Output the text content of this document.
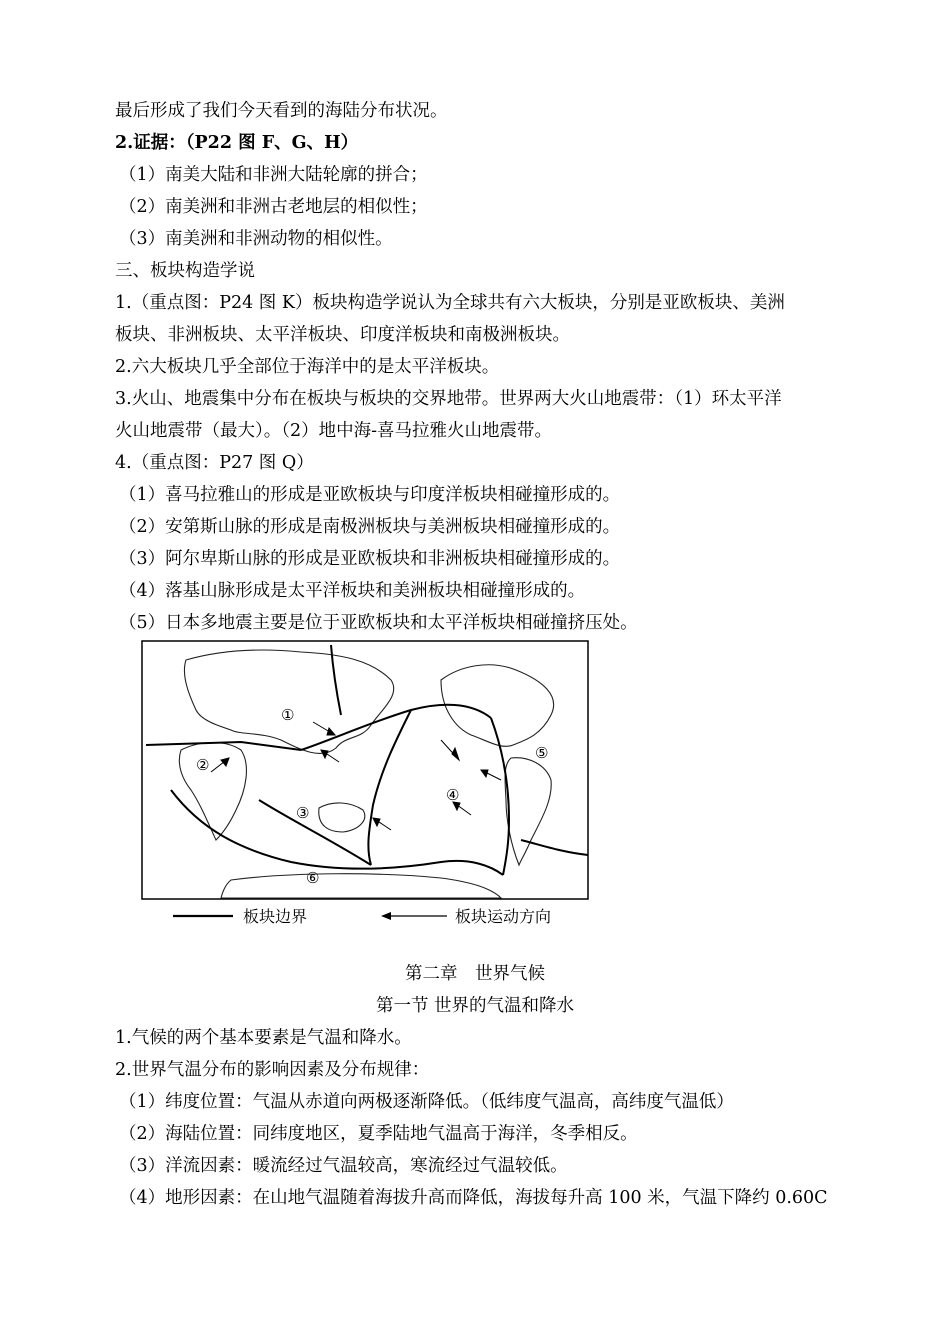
最后形成了我们今天看到的海陆分布状况。
2.证据：（P22 图 F、G、H）
（1）南美大陆和非洲大陆轮廓的拼合；
（2）南美洲和非洲古老地层的相似性；
（3）南美洲和非洲动物的相似性。
三、板块构造学说
1.（重点图：P24 图 K）板块构造学说认为全球共有六大板块，分别是亚欧板块、美洲
板块、非洲板块、太平洋板块、印度洋板块和南极洲板块。
2.六大板块几乎全部位于海洋中的是太平洋板块。
3.火山、地震集中分布在板块与板块的交界地带。世界两大火山地震带：（1）环太平洋
火山地震带（最大）。（2）地中海-喜马拉雅火山地震带。
4.（重点图：P27 图 Q）
（1）喜马拉雅山的形成是亚欧板块与印度洋板块相碰撞形成的。
（2）安第斯山脉的形成是南极洲板块与美洲板块相碰撞形成的。
（3）阿尔卑斯山脉的形成是亚欧板块和非洲板块相碰撞形成的。
（4）落基山脉形成是太平洋板块和美洲板块相碰撞形成的。
（5）日本多地震主要是位于亚欧板块和太平洋板块相碰撞挤压处。
①
②
③
④
⑤
⑥
板块边界	板块运动方向
第二章　世界气候
第一节 世界的气温和降水
1.气候的两个基本要素是气温和降水。
2.世界气温分布的影响因素及分布规律：
（1）纬度位置：气温从赤道向两极逐渐降低。（低纬度气温高，高纬度气温低）
（2）海陆位置：同纬度地区，夏季陆地气温高于海洋，冬季相反。
（3）洋流因素：暖流经过气温较高，寒流经过气温较低。
（4）地形因素：在山地气温随着海拔升高而降低，海拔每升高 100 米，气温下降约 0.60C
